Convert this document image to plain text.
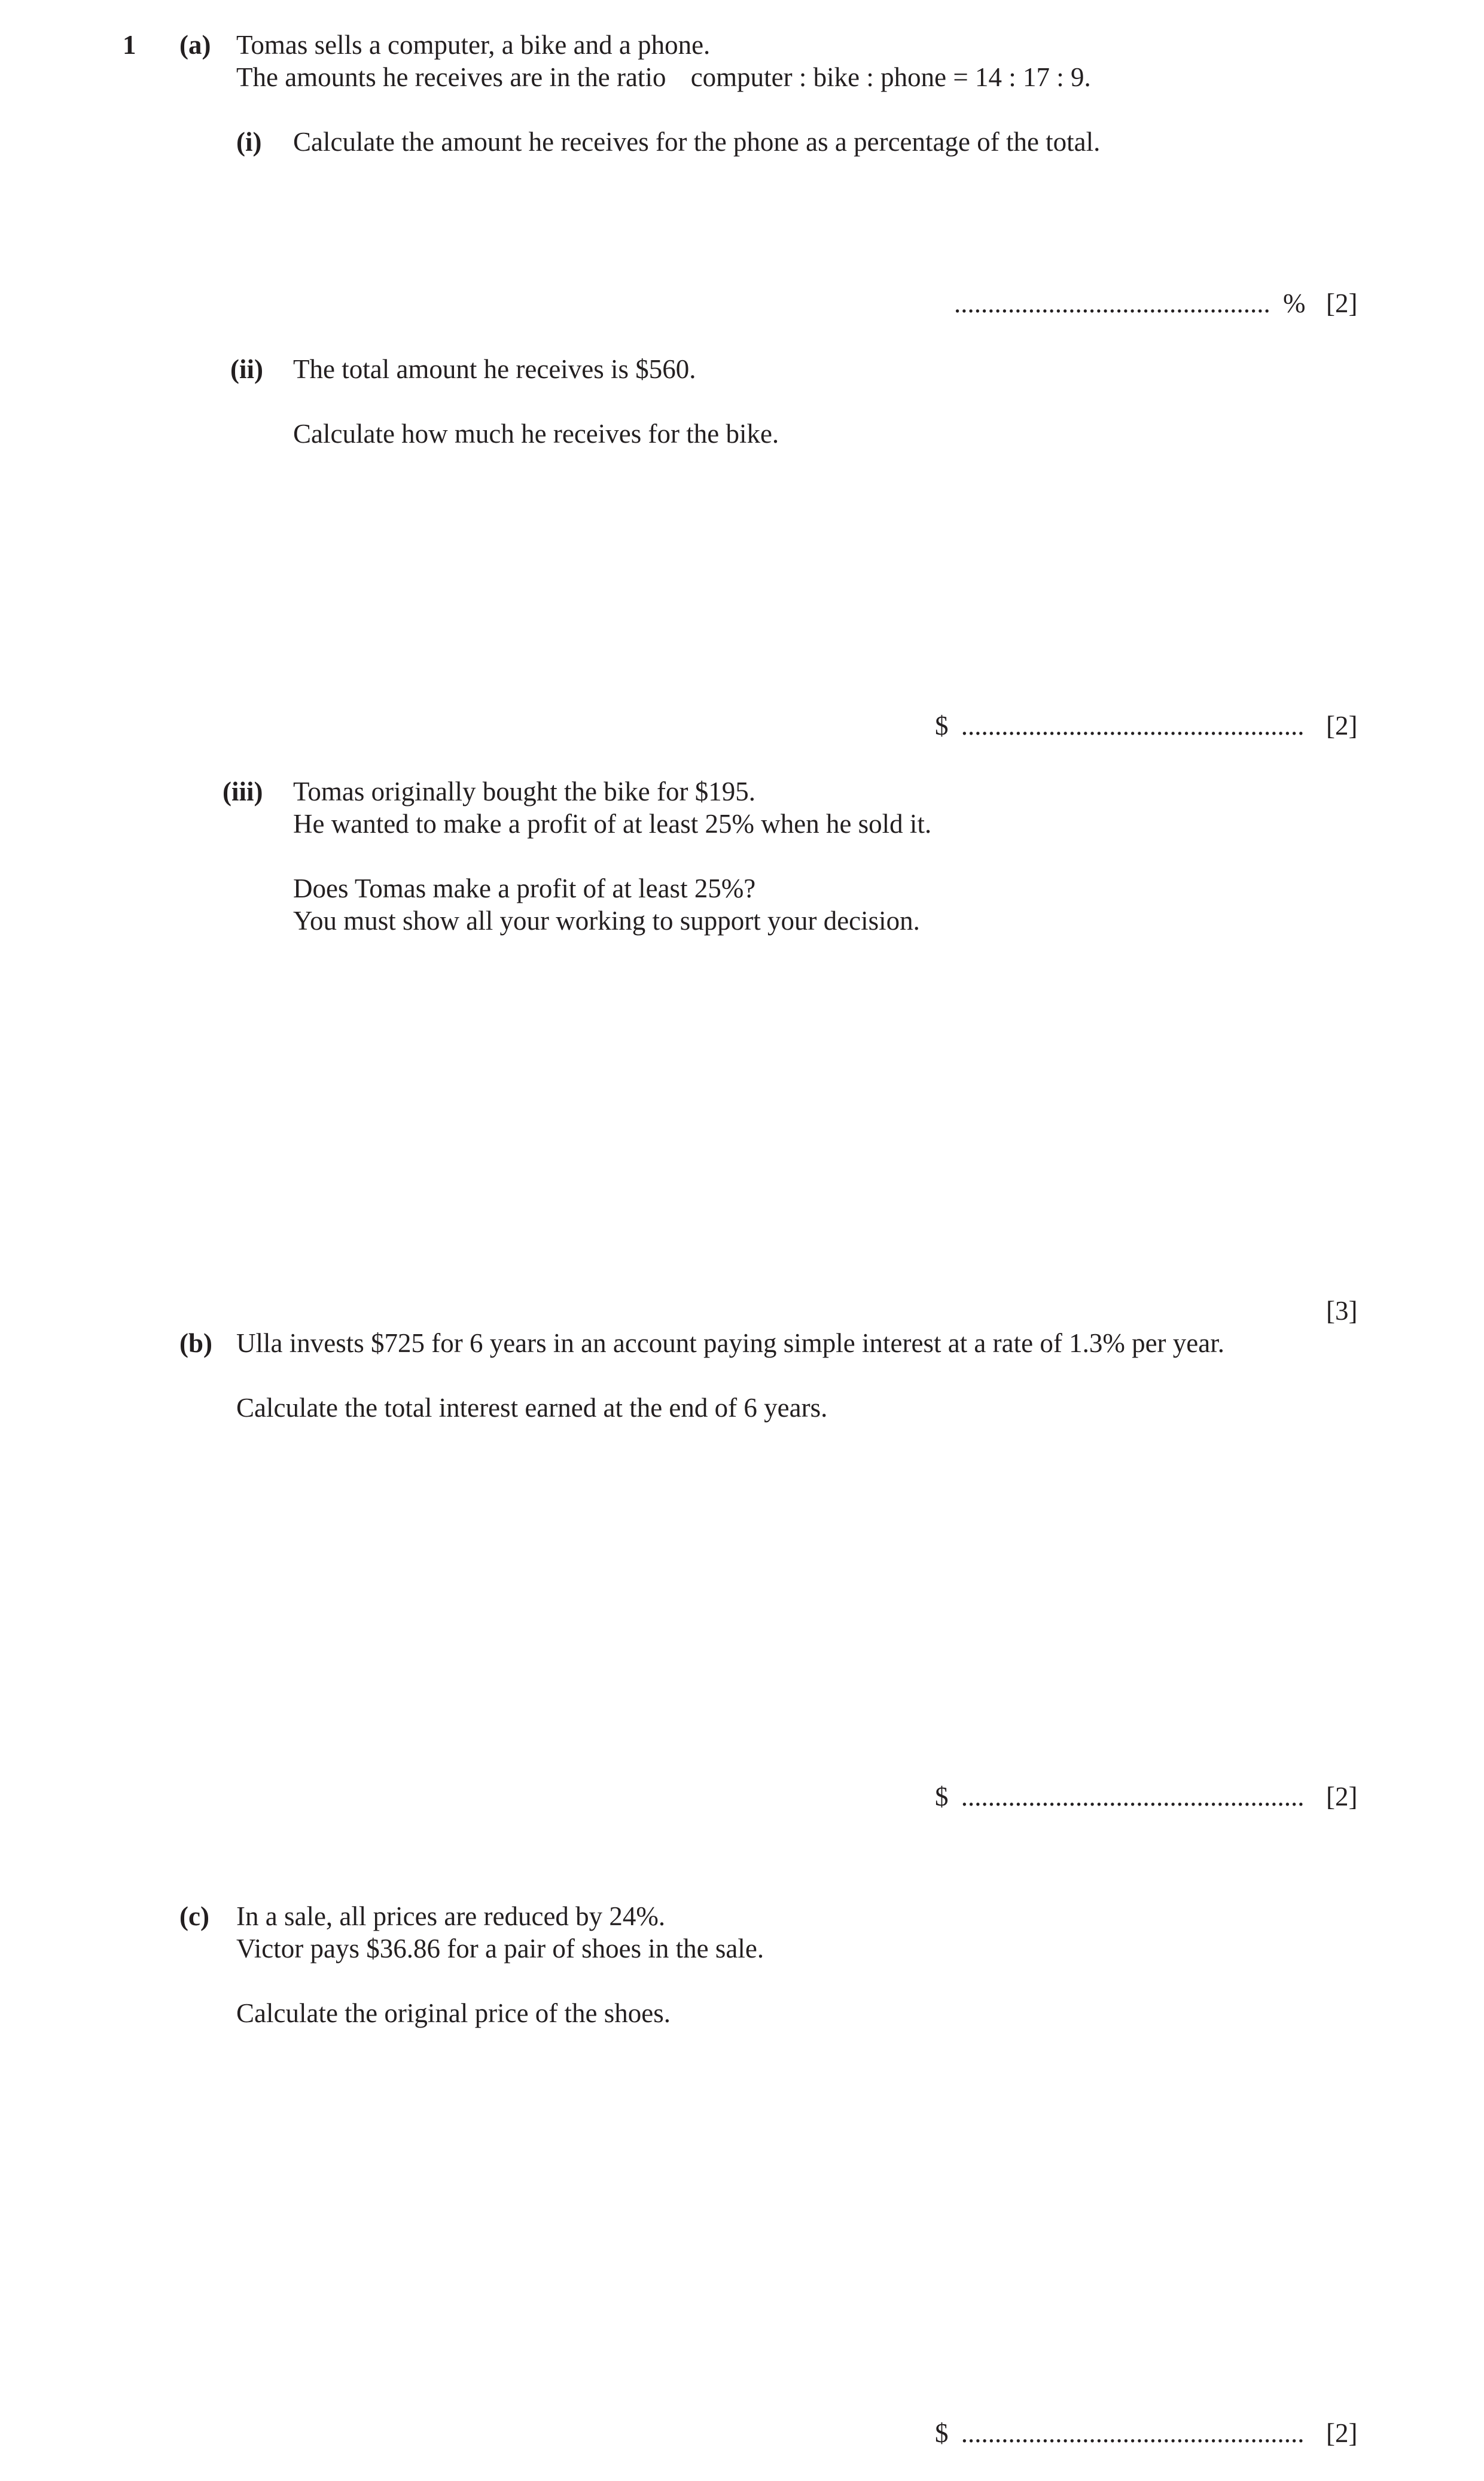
1 (a) Tomas sells a computer, a bike and a phone.
The amounts he receives are in the ratio computer : bike : phone = 14 : 17 : 9.
(i) Calculate the amount he receives for the phone as a percentage of the total.
............................................... % [2]
(ii) The total amount he receives is $560.
Calculate how much he receives for the bike.
$ ................................................... [2]
(iii) Tomas originally bought the bike for $195.
He wanted to make a profit of at least 25% when he sold it.
Does Tomas make a profit of at least 25%?
You must show all your working to support your decision.
[3]
(b) Ulla invests $725 for 6 years in an account paying simple interest at a rate of 1.3% per year.
Calculate the total interest earned at the end of 6 years.
$ ................................................... [2]
(c) In a sale, all prices are reduced by 24%.
Victor pays $36.86 for a pair of shoes in the sale.
Calculate the original price of the shoes.
$ ................................................... [2]
